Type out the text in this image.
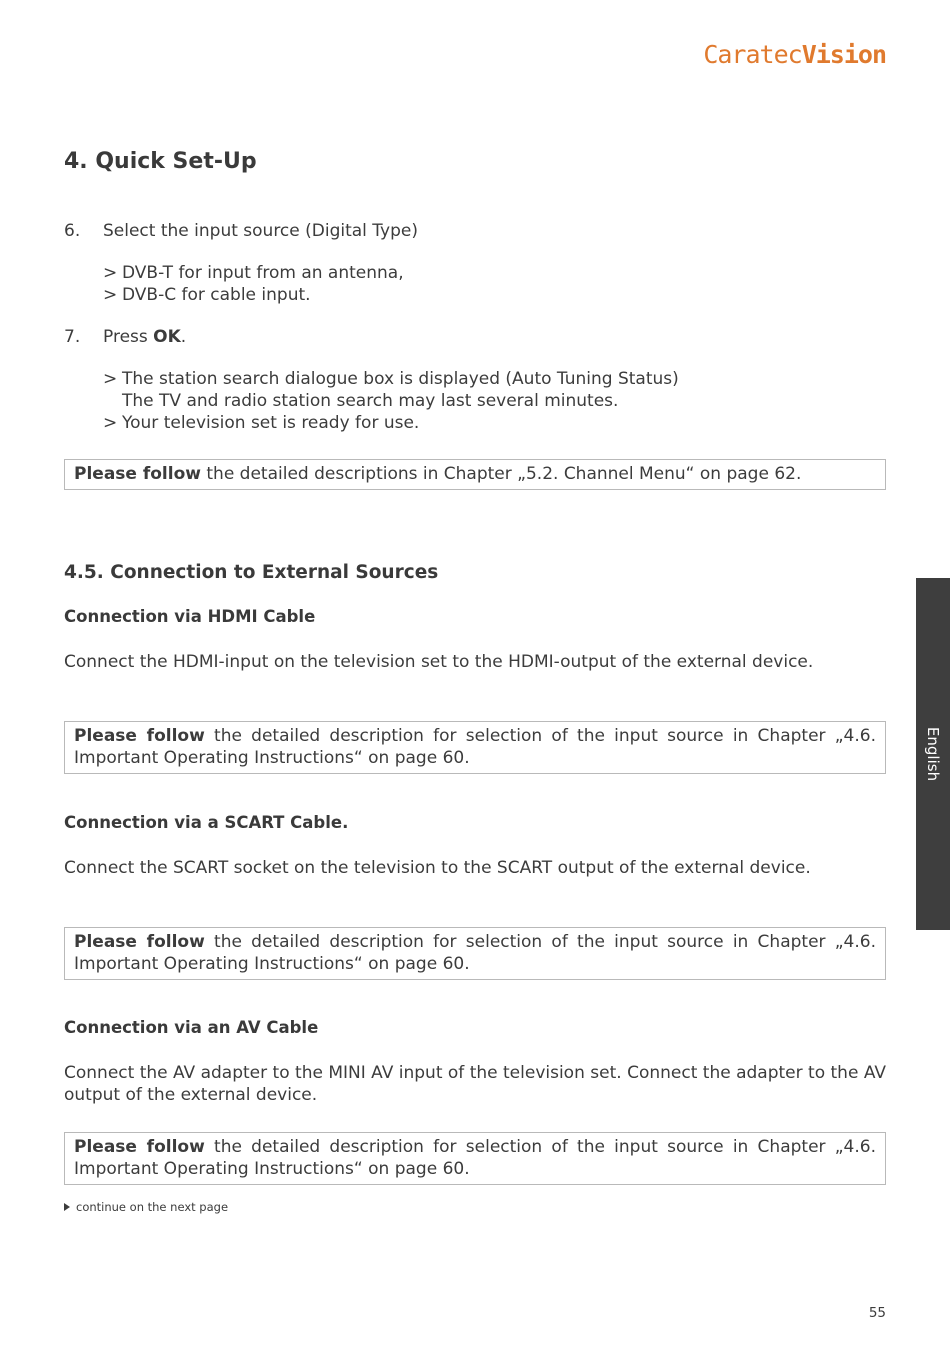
CaratecVision
4. Quick Set-Up
6.	Select the input source (Digital Type)
> DVB-T for input from an antenna,
> DVB-C for cable input.
7.	Press OK.
> The station search dialogue box is displayed (Auto Tuning Status)
The TV and radio station search may last several minutes.
> Your television set is ready for use.
Please follow the detailed descriptions in Chapter „5.2. Channel Menu“ on page 62.
4.5. Connection to External Sources
Connection via HDMI Cable
Connect the HDMI-input on the television set to the HDMI-output of the external device.
Please follow the detailed description for selection of the input source in Chapter „4.6. Important Operating Instructions“ on page 60.
Connection via a SCART Cable.
Connect the SCART socket on the television to the SCART output of the external device.
Please follow the detailed description for selection of the input source in Chapter „4.6. Important Operating Instructions“ on page 60.
Connection via an AV Cable
Connect the AV adapter to the MINI AV input of the television set. Connect the adapter to the AV output of the external device.
Please follow the detailed description for selection of the input source in Chapter „4.6. Important Operating Instructions“ on page 60.
continue on the next page
English
55
